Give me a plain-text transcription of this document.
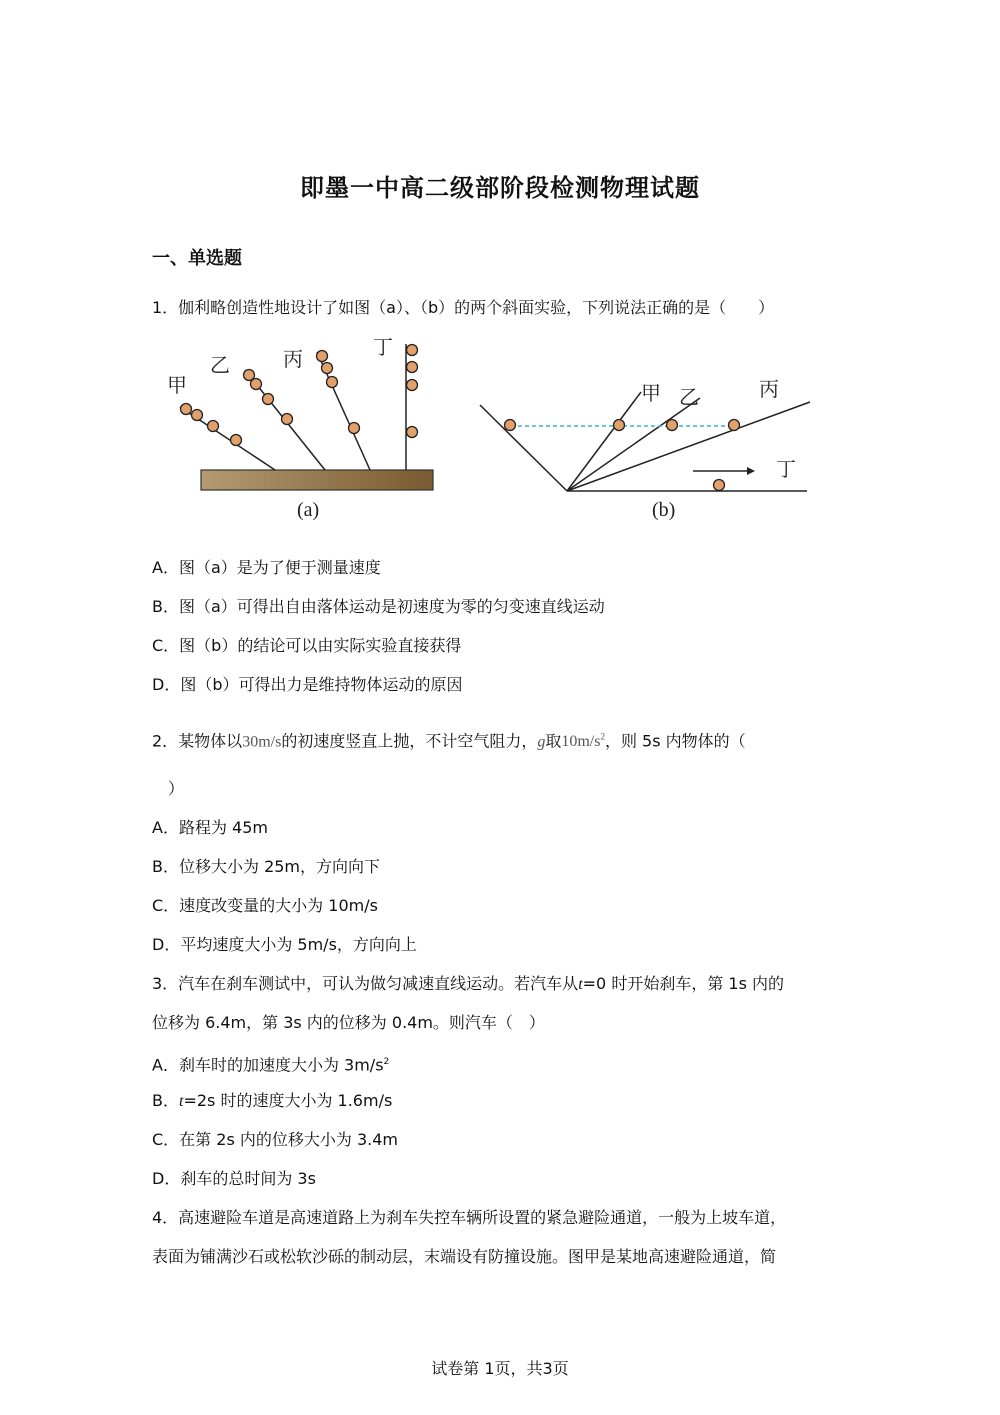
即墨一中高二级部阶段检测物理试题
一、单选题
1．伽利略创造性地设计了如图（a）、（b）的两个斜面实验，下列说法正确的是（　　）
甲
乙	丙	丁
(a)
甲 乙	丙
丁
(b)
A．图（a）是为了便于测量速度
B．图（a）可得出自由落体运动是初速度为零的匀变速直线运动
C．图（b）的结论可以由实际实验直接获得
D．图（b）可得出力是维持物体运动的原因
2．某物体以30m/s的初速度竖直上抛，不计空气阻力，g取$10m/s^2$，则 5s 内物体的（
）
A．路程为 45m
B．位移大小为 25m，方向向下
C．速度改变量的大小为 10m/s
D．平均速度大小为 5m/s，方向向上
3．汽车在刹车测试中，可认为做匀减速直线运动。若汽车从t=0 时开始刹车，第 1s 内的
位移为 6.4m，第 3s 内的位移为 0.4m。则汽车（　）
A．刹车时的加速度大小为 $3m/s^2$
B．t=2s 时的速度大小为 1.6m/s
C．在第 2s 内的位移大小为 3.4m
D．刹车的总时间为 3s
4．高速避险车道是高速道路上为刹车失控车辆所设置的紧急避险通道，一般为上坡车道，
表面为铺满沙石或松软沙砾的制动层，末端设有防撞设施。图甲是某地高速避险通道，简
试卷第 1页，共3页
